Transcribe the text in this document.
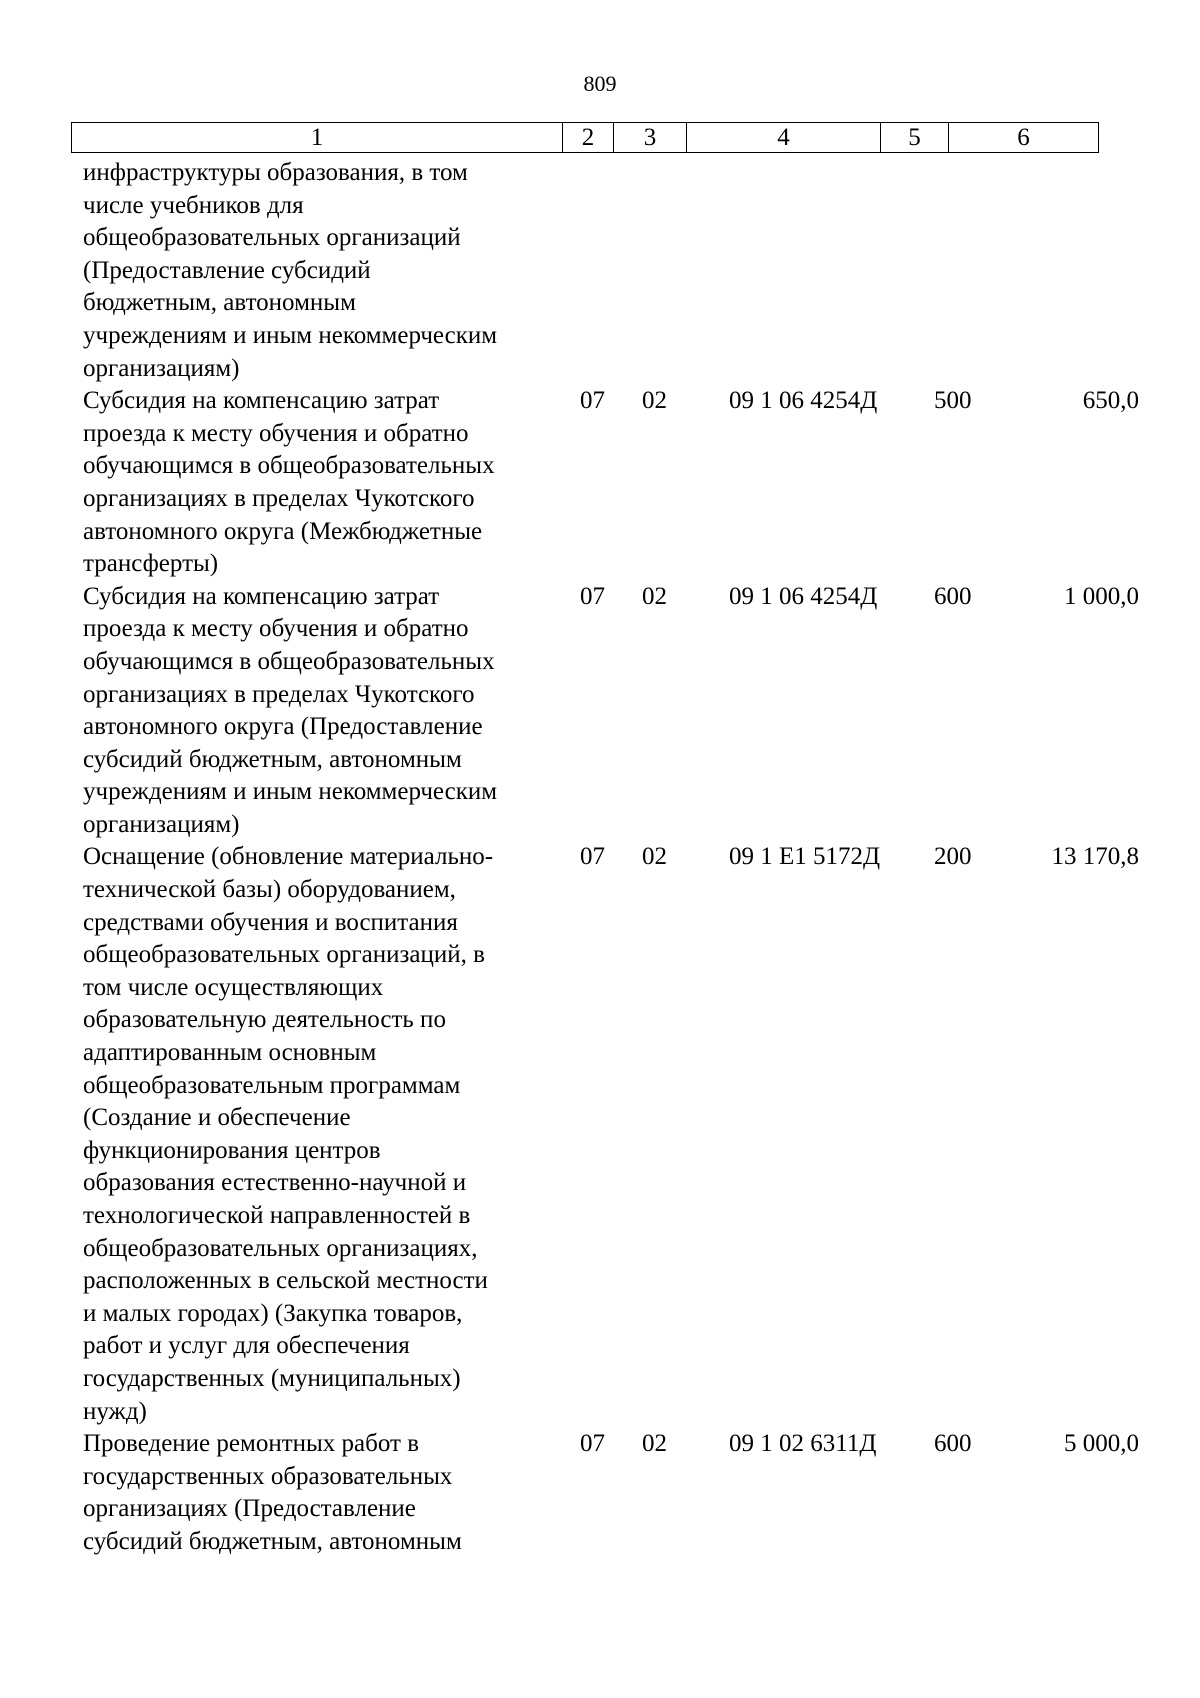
809
1	2	3	4	5	6
инфраструктуры образования, в том
числе учебников для
общеобразовательных организаций
(Предоставление субсидий
бюджетным, автономным
учреждениям и иным некоммерческим
организациям)
Субсидия на компенсацию затрат
проезда к месту обучения и обратно
обучающимся в общеобразовательных
организациях в пределах Чукотского
автономного округа (Межбюджетные
трансферты)
07	02	09 1 06 4254Д	500	650,0
Субсидия на компенсацию затрат
проезда к месту обучения и обратно
обучающимся в общеобразовательных
организациях в пределах Чукотского
автономного округа (Предоставление
субсидий бюджетным, автономным
учреждениям и иным некоммерческим
организациям)
07	02	09 1 06 4254Д	600	1 000,0
Оснащение (обновление материально-
технической базы) оборудованием,
средствами обучения и воспитания
общеобразовательных организаций, в
том числе осуществляющих
образовательную деятельность по
адаптированным основным
общеобразовательным программам
(Создание и обеспечение
функционирования центров
образования естественно-научной и
технологической направленностей в
общеобразовательных организациях,
расположенных в сельской местности
и малых городах) (Закупка товаров,
работ и услуг для обеспечения
государственных (муниципальных)
нужд)
07	02	09 1 E1 5172Д	200	13 170,8
Проведение ремонтных работ в
государственных образовательных
организациях (Предоставление
субсидий бюджетным, автономным
07	02	09 1 02 6311Д	600	5 000,0
